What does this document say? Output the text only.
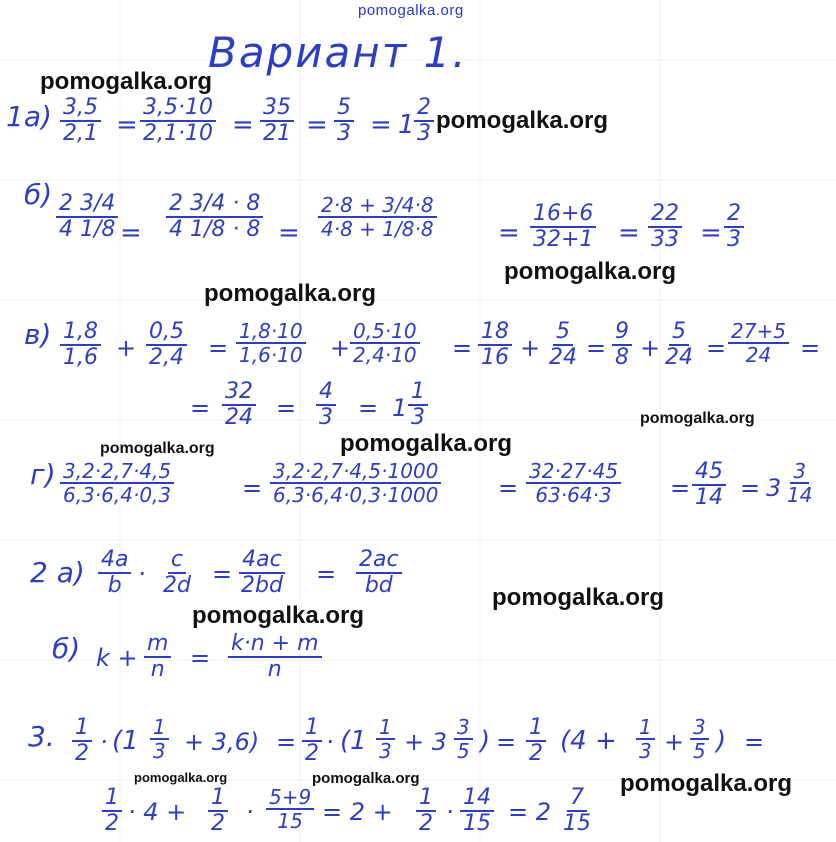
pomogalka.org
pomogalka.org
pomogalka.org
pomogalka.org
pomogalka.org
pomogalka.org
pomogalka.org	pomogalka.org
pomogalka.org
pomogalka.org
pomogalka.org	pomogalka.org	pomogalka.org
Вариант 1.
$1а) \frac{3,5}{2,1} = \frac{3,5\cdot 10}{2,1\cdot 10} = \frac{35}{21} = \frac{5}{3} = 1 \frac{2}{3}$
$б) \frac{2 3/4}{4 1/8} = \frac{2 3/4 \cdot 8}{4 1/8 \cdot 8} = \frac{2\cdot 8 + 3/4\cdot 8}{4\cdot 8 + 1/8\cdot 8} = \frac{16+6}{32+1} = \frac{22}{33} = \frac{2}{3}$
$в) \frac{1,8}{1,6} + \frac{0,5}{2,4} = \frac{1,8\cdot 10}{1,6\cdot 10} + \frac{0,5\cdot 10}{2,4\cdot 10} = \frac{18}{16} + \frac{5}{24} = \frac{9}{8} + \frac{5}{24} = \frac{27+5}{24}$ =
= $\frac{32}{24} = \frac{4}{3} = 1 \frac{1}{3}$
$г) \frac{3,2\cdot 2,7\cdot 4,5}{6,3\cdot 6,4\cdot 0,3}$	= $\frac{3,2\cdot 2,7\cdot 4,5\cdot 1000}{6,3\cdot 6,4\cdot 0,3\cdot 1000} = \frac{32\cdot 27\cdot 45}{63\cdot 64\cdot 3} = \frac{45}{14} = 3 \frac{3}{14}$
2 $а) \frac{4a}{b} \cdot \frac{c}{2d} = \frac{4ac}{2bd} = \frac{2ac}{bd}$
б) $k + \frac{m}{n} = \frac{k\cdot n + m}{n}$
3. $\frac{1}{2} \cdot (1 \frac{1}{3} + 3,6) = \frac{1}{2} \cdot (1 \frac{1}{3} + 3 \frac{3}{5}$ ) = $\frac{1}{2} (4 + \frac{1}{3} + \frac{3}{5}$ ) =
$\frac{1}{2} \cdot 4 + \frac{1}{2} \cdot \frac{5+9}{15} = 2 + \frac{1}{2} \cdot \frac{14}{15} = 2 \frac{7}{15}$
